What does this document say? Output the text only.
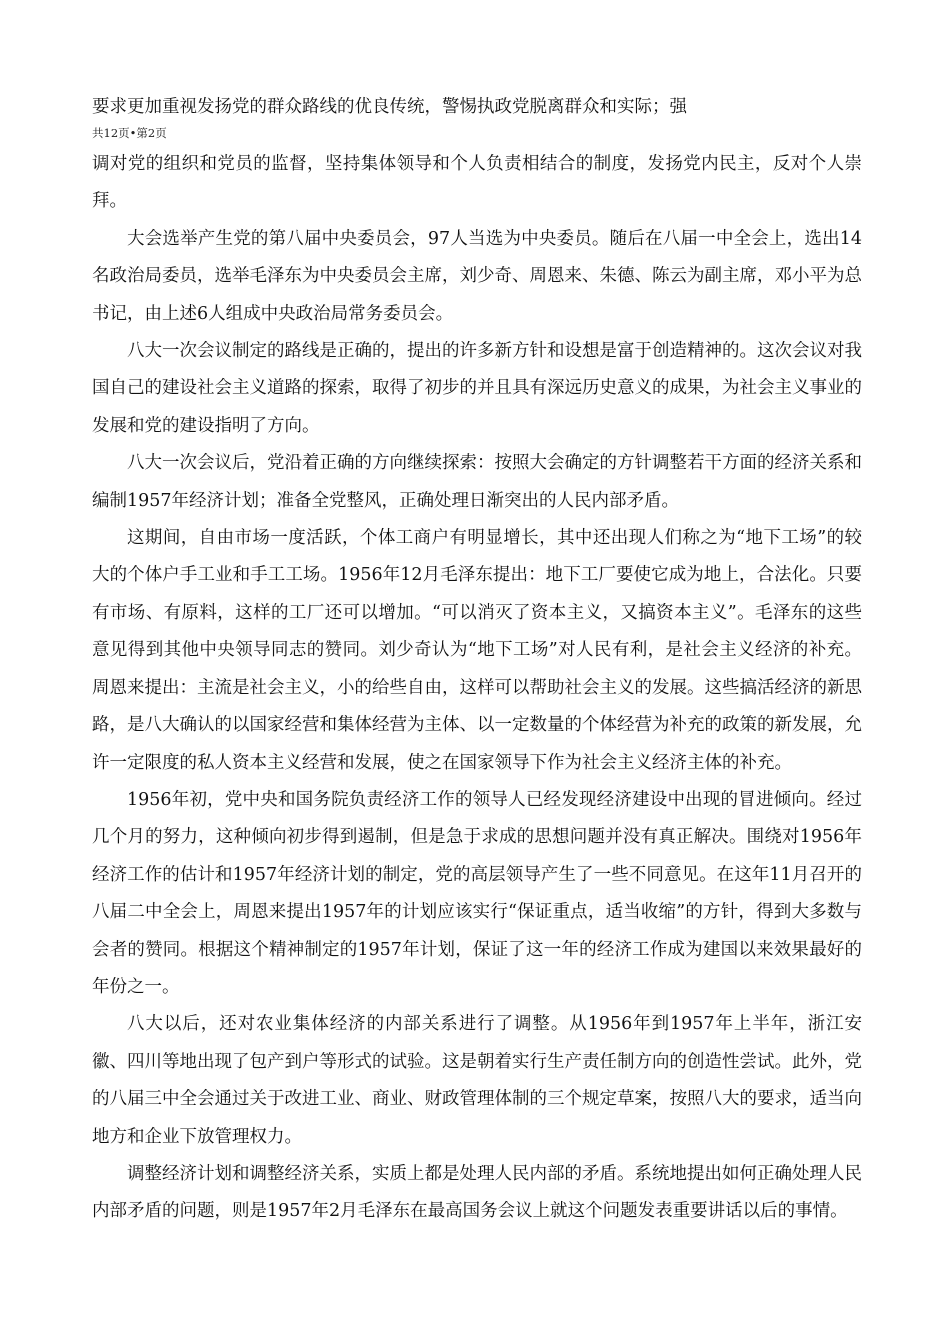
要求更加重视发扬党的群众路线的优良传统，警惕执政党脱离群众和实际；强

共12页•第2页

调对党的组织和党员的监督，坚持集体领导和个人负责相结合的制度，发扬党内民主，反对个人崇拜。

大会选举产生党的第八届中央委员会，97人当选为中央委员。随后在八届一中全会上，选出14名政治局委员，选举毛泽东为中央委员会主席，刘少奇、周恩来、朱德、陈云为副主席，邓小平为总书记，由上述6人组成中央政治局常务委员会。

八大一次会议制定的路线是正确的，提出的许多新方针和设想是富于创造精神的。这次会议对我国自己的建设社会主义道路的探索，取得了初步的并且具有深远历史意义的成果，为社会主义事业的发展和党的建设指明了方向。

八大一次会议后，党沿着正确的方向继续探索：按照大会确定的方针调整若干方面的经济关系和编制1957年经济计划；准备全党整风，正确处理日渐突出的人民内部矛盾。

这期间，自由市场一度活跃，个体工商户有明显增长，其中还出现人们称之为“地下工场”的较大的个体户手工业和手工工场。1956年12月毛泽东提出：地下工厂要使它成为地上，合法化。只要有市场、有原料，这样的工厂还可以增加。“可以消灭了资本主义，又搞资本主义”。毛泽东的这些意见得到其他中央领导同志的赞同。刘少奇认为“地下工场”对人民有利，是社会主义经济的补充。周恩来提出：主流是社会主义，小的给些自由，这样可以帮助社会主义的发展。这些搞活经济的新思路，是八大确认的以国家经营和集体经营为主体、以一定数量的个体经营为补充的政策的新发展，允许一定限度的私人资本主义经营和发展，使之在国家领导下作为社会主义经济主体的补充。

1956年初，党中央和国务院负责经济工作的领导人已经发现经济建设中出现的冒进倾向。经过几个月的努力，这种倾向初步得到遏制，但是急于求成的思想问题并没有真正解决。围绕对1956年经济工作的估计和1957年经济计划的制定，党的高层领导产生了一些不同意见。在这年11月召开的八届二中全会上，周恩来提出1957年的计划应该实行“保证重点，适当收缩”的方针，得到大多数与会者的赞同。根据这个精神制定的1957年计划，保证了这一年的经济工作成为建国以来效果最好的年份之一。

八大以后，还对农业集体经济的内部关系进行了调整。从1956年到1957年上半年，浙江安徽、四川等地出现了包产到户等形式的试验。这是朝着实行生产责任制方向的创造性尝试。此外，党的八届三中全会通过关于改进工业、商业、财政管理体制的三个规定草案，按照八大的要求，适当向地方和企业下放管理权力。

调整经济计划和调整经济关系，实质上都是处理人民内部的矛盾。系统地提出如何正确处理人民内部矛盾的问题，则是1957年2月毛泽东在最高国务会议上就这个问题发表重要讲话以后的事情。
